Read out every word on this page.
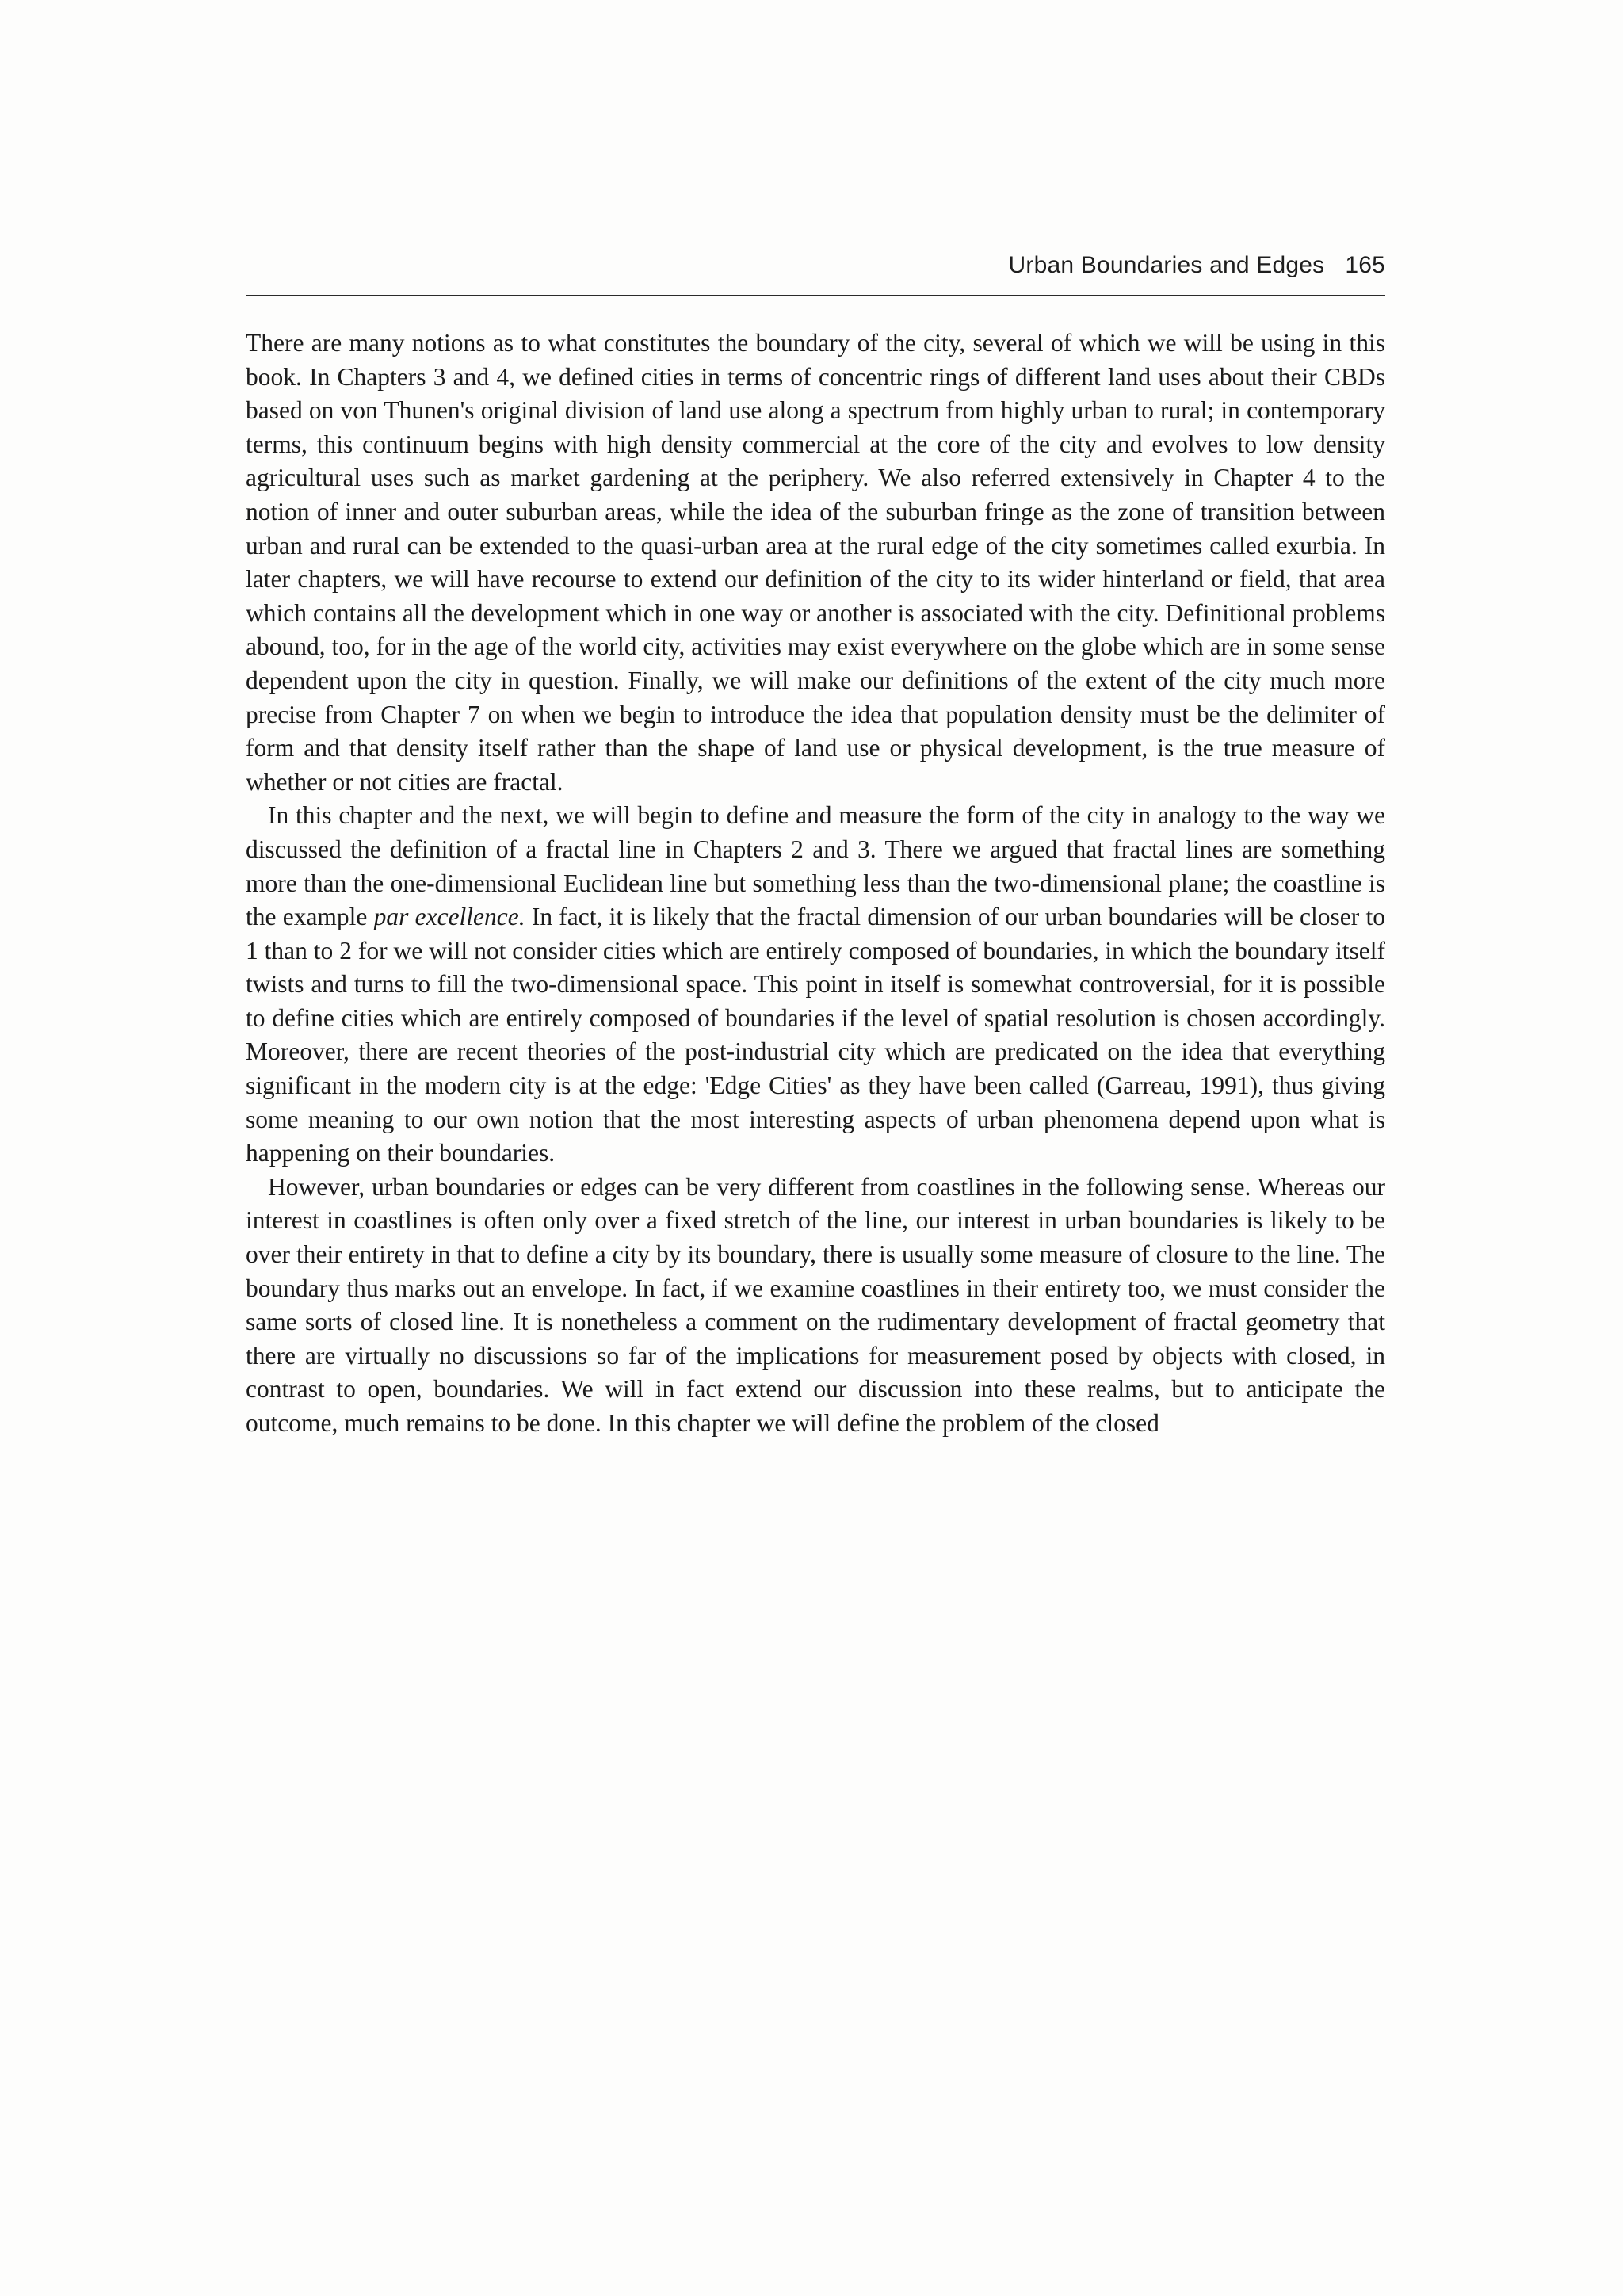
Urban Boundaries and Edges 165

There are many notions as to what constitutes the boundary of the city, several of which we will be using in this book. In Chapters 3 and 4, we defined cities in terms of concentric rings of different land uses about their CBDs based on von Thunen's original division of land use along a spectrum from highly urban to rural; in contemporary terms, this continuum begins with high density commercial at the core of the city and evolves to low density agricultural uses such as market gardening at the periphery. We also referred extensively in Chapter 4 to the notion of inner and outer suburban areas, while the idea of the suburban fringe as the zone of transition between urban and rural can be extended to the quasi-urban area at the rural edge of the city sometimes called exurbia. In later chapters, we will have recourse to extend our definition of the city to its wider hinterland or field, that area which contains all the development which in one way or another is associated with the city. Definitional problems abound, too, for in the age of the world city, activities may exist everywhere on the globe which are in some sense dependent upon the city in question. Finally, we will make our definitions of the extent of the city much more precise from Chapter 7 on when we begin to introduce the idea that population density must be the delimiter of form and that density itself rather than the shape of land use or physical development, is the true measure of whether or not cities are fractal.

In this chapter and the next, we will begin to define and measure the form of the city in analogy to the way we discussed the definition of a fractal line in Chapters 2 and 3. There we argued that fractal lines are something more than the one-dimensional Euclidean line but something less than the two-dimensional plane; the coastline is the example par excellence. In fact, it is likely that the fractal dimension of our urban boundaries will be closer to 1 than to 2 for we will not consider cities which are entirely composed of boundaries, in which the boundary itself twists and turns to fill the two-dimensional space. This point in itself is somewhat controversial, for it is possible to define cities which are entirely composed of boundaries if the level of spatial resolution is chosen accordingly. Moreover, there are recent theories of the post-industrial city which are predicated on the idea that everything significant in the modern city is at the edge: 'Edge Cities' as they have been called (Garreau, 1991), thus giving some meaning to our own notion that the most interesting aspects of urban phenomena depend upon what is happening on their boundaries.

However, urban boundaries or edges can be very different from coastlines in the following sense. Whereas our interest in coastlines is often only over a fixed stretch of the line, our interest in urban boundaries is likely to be over their entirety in that to define a city by its boundary, there is usually some measure of closure to the line. The boundary thus marks out an envelope. In fact, if we examine coastlines in their entirety too, we must consider the same sorts of closed line. It is nonetheless a comment on the rudimentary development of fractal geometry that there are virtually no discussions so far of the implications for measurement posed by objects with closed, in contrast to open, boundaries. We will in fact extend our discussion into these realms, but to anticipate the outcome, much remains to be done. In this chapter we will define the problem of the closed
